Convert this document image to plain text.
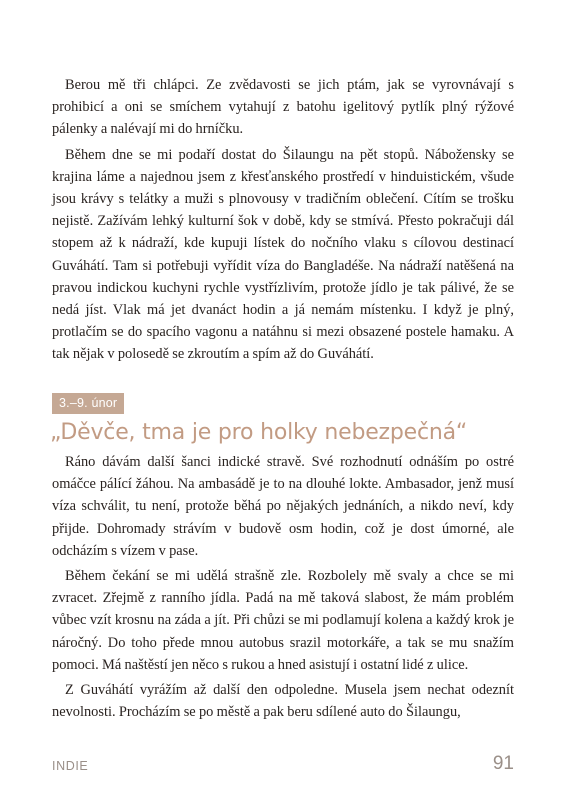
Berou mě tři chlápci. Ze zvědavosti se jich ptám, jak se vyrovnávají s prohibicí a oni se smíchem vytahují z batohu igelitový pytlík plný rýžové pálenky a nalévají mi do hrníčku.

Během dne se mi podaří dostat do Šilaungu na pět stopů. Nábožensky se krajina láme a najednou jsem z křesťanského prostředí v hinduistickém, všude jsou krávy s telátky a muži s plnovousy v tradičním oblečení. Cítím se trošku nejistě. Zažívám lehký kulturní šok v době, kdy se stmívá. Přesto pokračuji dál stopem až k nádraží, kde kupuji lístek do nočního vlaku s cílovou destinací Guváhátí. Tam si potřebuji vyřídit víza do Bangladéše. Na nádraží natěšená na pravou indickou kuchyni rychle vystřízlivím, protože jídlo je tak pálivé, že se nedá jíst. Vlak má jet dvanáct hodin a já nemám místenku. I když je plný, protlačím se do spacího vagonu a natáhnu si mezi obsazené postele hamaku. A tak nějak v polosedě se zkroutím a spím až do Guváhátí.

3.–9. únor
„Děvče, tma je pro holky nebezpečná“

Ráno dávám další šanci indické stravě. Své rozhodnutí odnáším po ostré omáčce pálící žáhou. Na ambasádě je to na dlouhé lokte. Ambasador, jenž musí víza schválit, tu není, protože běhá po nějakých jednáních, a nikdo neví, kdy přijde. Dohromady strávím v budově osm hodin, což je dost úmorné, ale odcházím s vízem v pase.

Během čekání se mi udělá strašně zle. Rozbolely mě svaly a chce se mi zvracet. Zřejmě z ranního jídla. Padá na mě taková slabost, že mám problém vůbec vzít krosnu na záda a jít. Při chůzi se mi podlamují kolena a každý krok je náročný. Do toho přede mnou autobus srazil motorkáře, a tak se mu snažím pomoci. Má naštěstí jen něco s rukou a hned asistují i ostatní lidé z ulice.

Z Guváhátí vyrážím až další den odpoledne. Musela jsem nechat odeznít nevolnosti. Procházím se po městě a pak beru sdílené auto do Šilaungu,

INDIE	91
